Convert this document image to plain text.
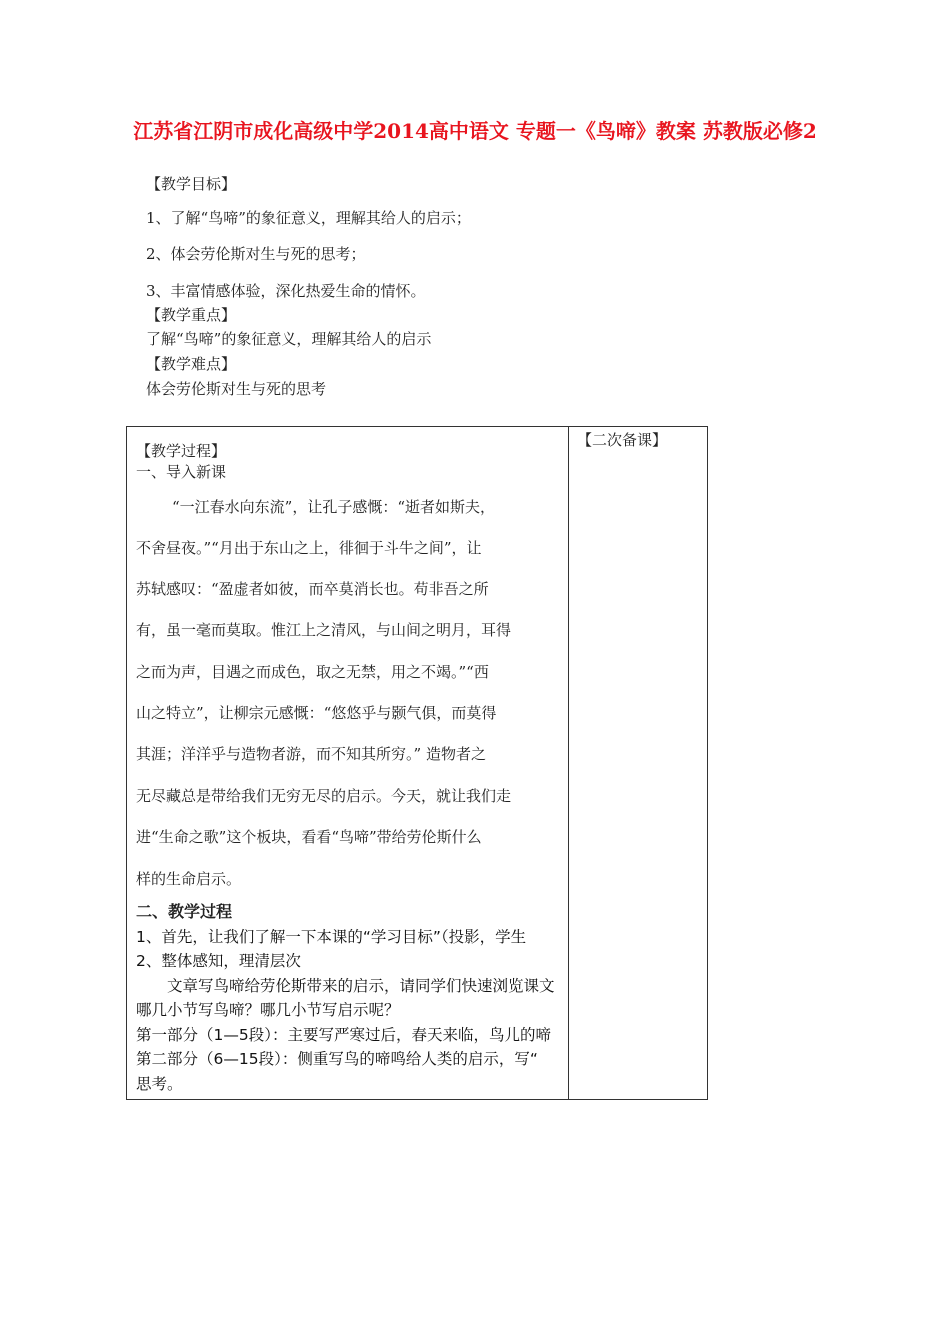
江苏省江阴市成化高级中学2014高中语文 专题一《鸟啼》教案 苏教版必修2
【教学目标】
1、了解“鸟啼”的象征意义，理解其给人的启示；
2、体会劳伦斯对生与死的思考；
3、丰富情感体验，深化热爱生命的情怀。
【教学重点】
了解“鸟啼”的象征意义，理解其给人的启示
【教学难点】
体会劳伦斯对生与死的思考
【二次备课】
【教学过程】
一、导入新课
“一江春水向东流”，让孔子感慨：“逝者如斯夫，
不舍昼夜。”“月出于东山之上，徘徊于斗牛之间”，让
苏轼感叹：“盈虚者如彼，而卒莫消长也。苟非吾之所
有，虽一毫而莫取。惟江上之清风，与山间之明月，耳得
之而为声，目遇之而成色，取之无禁，用之不竭。”“西
山之特立”，让柳宗元感慨：“悠悠乎与颢气俱，而莫得
其涯；洋洋乎与造物者游，而不知其所穷。” 造物者之
无尽藏总是带给我们无穷无尽的启示。今天，就让我们走
进“生命之歌”这个板块，看看“鸟啼”带给劳伦斯什么
样的生命启示。
二、教学过程
1、首先，让我们了解一下本课的“学习目标”（投影，学生
2、整体感知，理清层次
　　文章写鸟啼给劳伦斯带来的启示，请同学们快速浏览课文
哪几小节写鸟啼？哪几小节写启示呢？
第一部分（1—5段）：主要写严寒过后，春天来临，鸟儿的啼
第二部分（6—15段）：侧重写鸟的啼鸣给人类的启示，写“
思考。
